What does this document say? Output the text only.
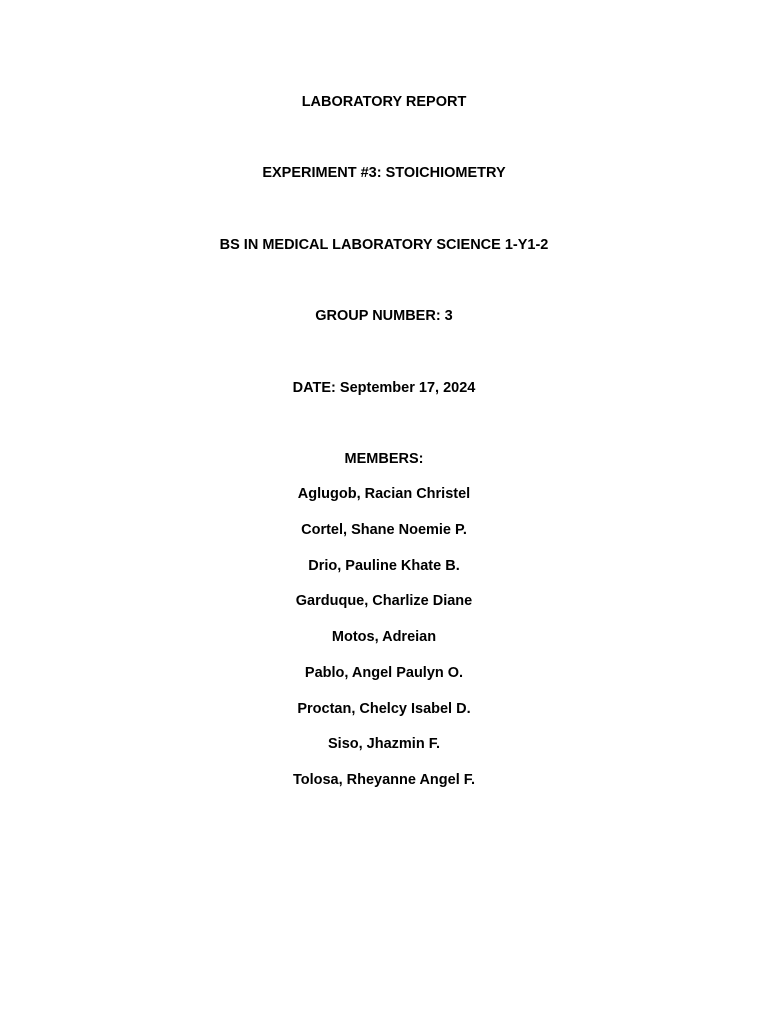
LABORATORY REPORT
EXPERIMENT #3: STOICHIOMETRY
BS IN MEDICAL LABORATORY SCIENCE 1-Y1-2
GROUP NUMBER: 3
DATE: September 17, 2024
MEMBERS:
Aglugob, Racian Christel
Cortel, Shane Noemie P.
Drio, Pauline Khate B.
Garduque, Charlize Diane
Motos, Adreian
Pablo, Angel Paulyn O.
Proctan, Chelcy Isabel D.
Siso, Jhazmin F.
Tolosa, Rheyanne Angel F.
